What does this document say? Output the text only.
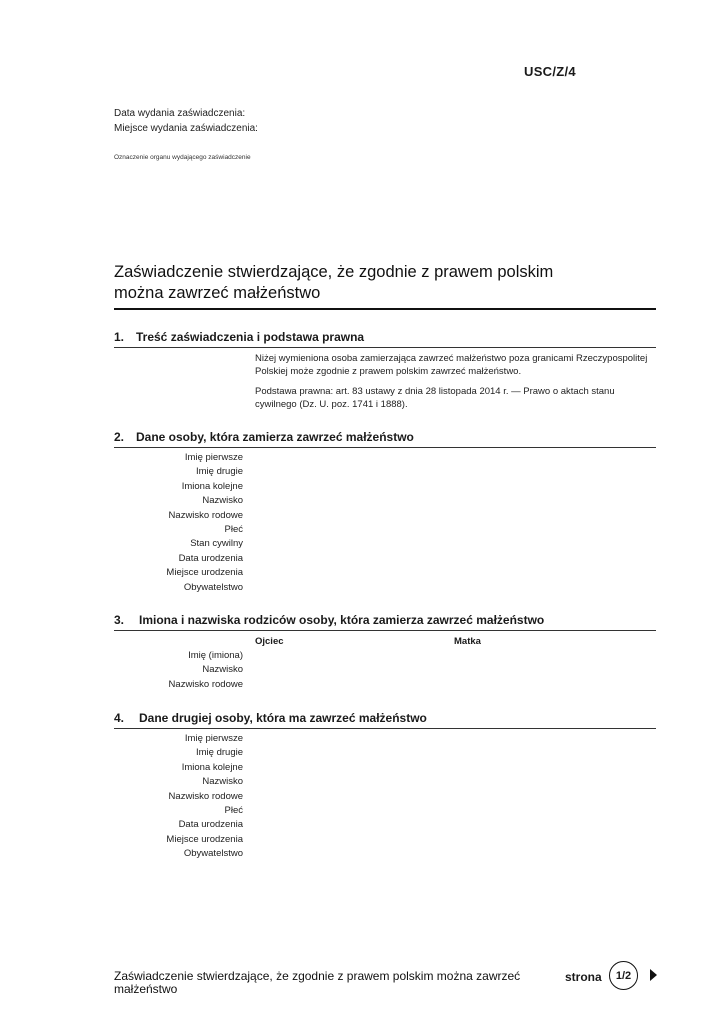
USC/Z/4
Data wydania zaświadczenia:
Miejsce wydania zaświadczenia:
Oznaczenie organu wydającego zaświadczenie
Zaświadczenie stwierdzające, że zgodnie z prawem polskim
można zawrzeć małżeństwo
1. Treść zaświadczenia i podstawa prawna
Niżej wymieniona osoba zamierzająca zawrzeć małżeństwo poza granicami Rzeczypospolitej Polskiej może zgodnie z prawem polskim zawrzeć małżeństwo.
Podstawa prawna: art. 83 ustawy z dnia 28 listopada 2014 r. — Prawo o aktach stanu cywilnego (Dz. U. poz. 1741 i 1888).
2. Dane osoby, która zamierza zawrzeć małżeństwo
Imię pierwsze
Imię drugie
Imiona kolejne
Nazwisko
Nazwisko rodowe
Płeć
Stan cywilny
Data urodzenia
Miejsce urodzenia
Obywatelstwo
3. Imiona i nazwiska rodziców osoby, która zamierza zawrzeć małżeństwo
Ojciec	Matka
Imię (imiona)
Nazwisko
Nazwisko rodowe
4. Dane drugiej osoby, która ma zawrzeć małżeństwo
Imię pierwsze
Imię drugie
Imiona kolejne
Nazwisko
Nazwisko rodowe
Płeć
Data urodzenia
Miejsce urodzenia
Obywatelstwo
Zaświadczenie stwierdzające, że zgodnie z prawem polskim można zawrzeć małżeństwo
strona 1/2
